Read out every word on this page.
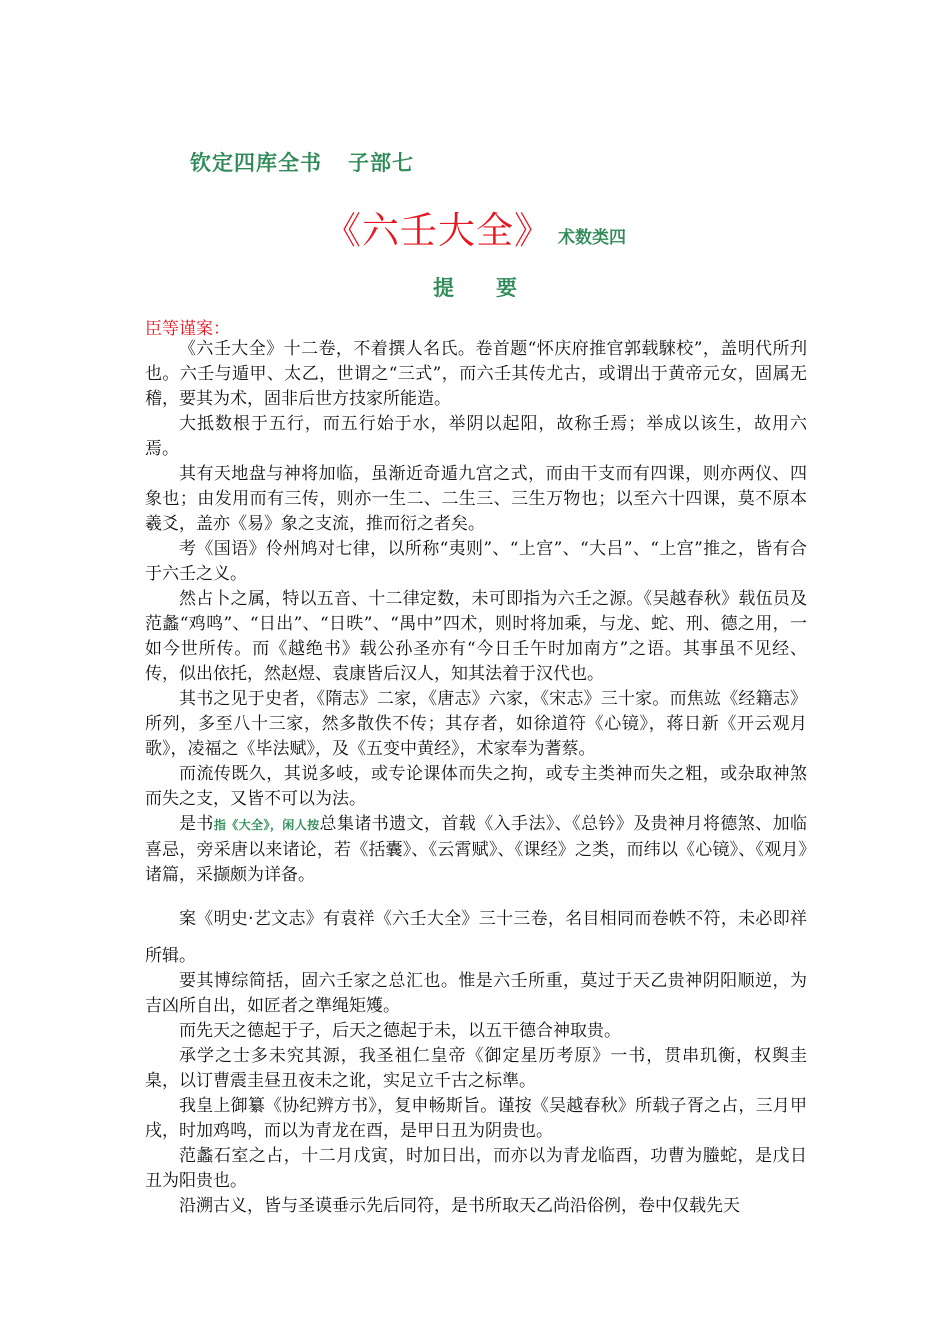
钦定四库全书 子部七
《六壬大全》 术数类四
提要
臣等谨案：

《六壬大全》十二卷，不着撰人名氏。卷首题“怀庆府推官郭载騋校”，盖明代所刋也。六壬与遁甲、太乙，世谓之“三式”，而六壬其传尤古，或谓出于黄帝元女，固属无稽，要其为术，固非后世方技家所能造。

大抵数根于五行，而五行始于水，举阴以起阳，故称壬焉；举成以该生，故用六焉。

其有天地盘与神将加临，虽渐近奇遁九宫之式，而由干支而有四课，则亦两仪、四象也；由发用而有三传，则亦一生二、二生三、三生万物也；以至六十四课，莫不原本羲爻，盖亦《易》象之支流，推而衍之者矣。

考《国语》伶州鸠对七律，以所称“夷则”、“上宫”、“大吕”、“上宫”推之，皆有合于六壬之义。

然占卜之属，特以五音、十二律定数，未可即指为六壬之源。《吴越春秋》载伍员及范蠡“鸡鸣”、“日出”、“日昳”、“禺中”四术，则时将加乘，与龙、蛇、刑、德之用，一如今世所传。而《越绝书》载公孙圣亦有“今日壬午时加南方”之语。其事虽不见经、传，似出依托，然赵煜、袁康皆后汉人，知其法着于汉代也。

其书之见于史者，《隋志》二家，《唐志》六家，《宋志》三十家。而焦竑《经籍志》所列，多至八十三家，然多散佚不传；其存者，如徐道符《心镜》，蒋日新《开云观月歌》，凌福之《毕法赋》，及《五变中黄经》，术家奉为蓍蔡。

而流传既久，其说多岐，或专论课体而失之拘，或专主类神而失之粗，或杂取神煞而失之支，又皆不可以为法。

是书指《大全》，闲人按总集诸书遗文，首载《入手法》、《总钤》及贵神月将德煞、加临喜忌，旁采唐以来诸论，若《括囊》、《云霄赋》、《课经》之类，而纬以《心镜》、《观月》诸篇，采撷颇为详备。

案《明史·艺文志》有袁祥《六壬大全》三十三卷，名目相同而卷帙不符，未必即祥所辑。

要其博综简括，固六壬家之总汇也。惟是六壬所重，莫过于天乙贵神阴阳顺逆，为吉凶所自出，如匠者之準绳矩矱。

而先天之德起于子，后天之德起于未，以五干德合神取贵。

承学之士多未究其源，我圣祖仁皇帝《御定星历考原》一书，贯串玑衡，权舆圭臬，以订曹震圭昼丑夜未之讹，实足立千古之标準。

我皇上御纂《协纪辨方书》，复申畅斯旨。谨按《吴越春秋》所载子胥之占，三月甲戌，时加鸡鸣，而以为青龙在酉，是甲日丑为阴贵也。

范蠡石室之占，十二月戊寅，时加日出，而亦以为青龙临酉，功曹为螣蛇，是戊日丑为阳贵也。

沿溯古义，皆与圣谟垂示先后同符，是书所取天乙尚沿俗例，卷中仅载先天
